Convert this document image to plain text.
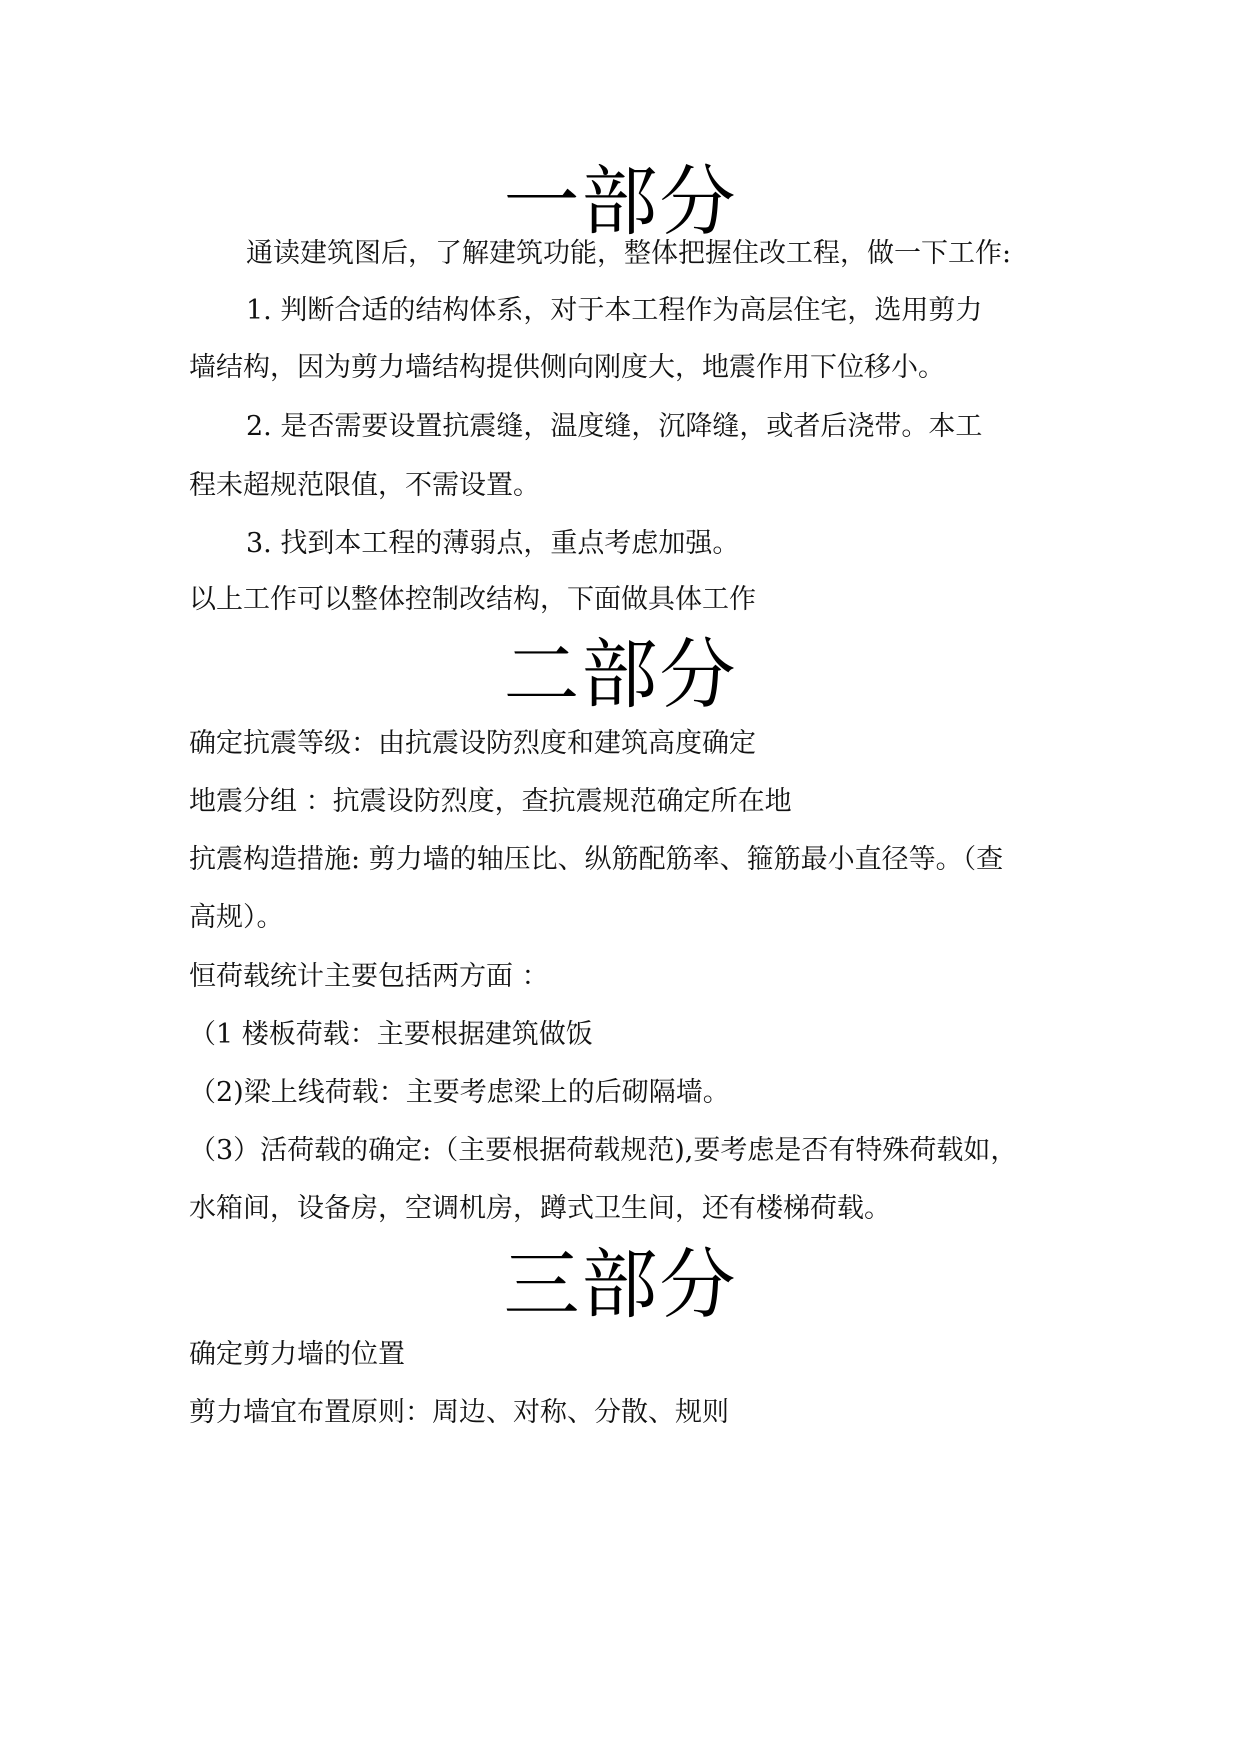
一部分
通读建筑图后，了解建筑功能，整体把握住改工程，做一下工作:
1. 判断合适的结构体系，对于本工程作为高层住宅，选用剪力
墙结构，因为剪力墙结构提供侧向刚度大，地震作用下位移小。
2. 是否需要设置抗震缝，温度缝，沉降缝，或者后浇带。本工
程未超规范限值，不需设置。
3. 找到本工程的薄弱点，重点考虑加强。
以上工作可以整体控制改结构，下面做具体工作
二部分
确定抗震等级：由抗震设防烈度和建筑高度确定
地震分组 ：抗震设防烈度，查抗震规范确定所在地
抗震构造措施: 剪力墙的轴压比、纵筋配筋率、箍筋最小直径等。（查
高规）。
恒荷载统计主要包括两方面 ：
（1 楼板荷载：主要根据建筑做饭
（2)梁上线荷载：主要考虑梁上的后砌隔墙。
（3）活荷载的确定:（主要根据荷载规范),要考虑是否有特殊荷载如，
水箱间，设备房，空调机房，蹲式卫生间，还有楼梯荷载。
三部分
确定剪力墙的位置
剪力墙宜布置原则：周边、对称、分散、规则
